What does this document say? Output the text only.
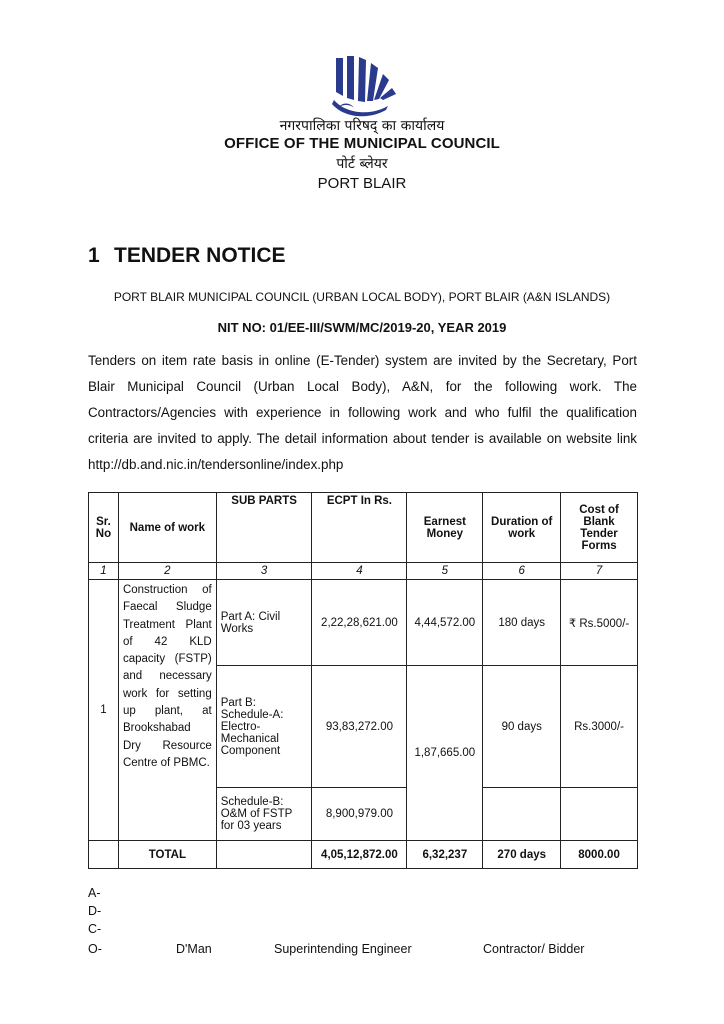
नगरपालिका परिषद् का कार्यालय
OFFICE OF THE MUNICIPAL COUNCIL
पोर्ट ब्लेयर
PORT BLAIR
1 TENDER NOTICE
PORT BLAIR MUNICIPAL COUNCIL (URBAN LOCAL BODY), PORT BLAIR (A&N ISLANDS)
NIT NO: 01/EE-III/SWM/MC/2019-20, YEAR 2019

Tenders on item rate basis in online (E-Tender) system are invited by the Secretary, Port Blair Municipal Council (Urban Local Body), A&N, for the following work. The Contractors/Agencies with experience in following work and who fulfil the qualification criteria are invited to apply. The detail information about tender is available on website link http://db.and.nic.in/tendersonline/index.php

Sr. No	Name of work	SUB PARTS	ECPT In Rs.	Earnest Money	Duration of work	Cost of Blank Tender Forms
1	2	3	4	5	6	7
1	Construction of Faecal Sludge Treatment Plant of 42 KLD capacity (FSTP) and necessary work for setting up plant, at Brookshabad Dry Resource Centre of PBMC.	Part A: Civil Works	2,22,28,621.00	4,44,572.00	180 days	₹ Rs.5000/-
		Part B: Schedule-A: Electro-Mechanical Component	93,83,272.00	1,87,665.00	90 days	Rs.3000/-
		Schedule-B: O&M of FSTP for 03 years	8,900,979.00			
	TOTAL		4,05,12,872.00	6,32,237	270 days	8000.00
A-
D-
C-
O-	D'Man	Superintending Engineer	Contractor/ Bidder
